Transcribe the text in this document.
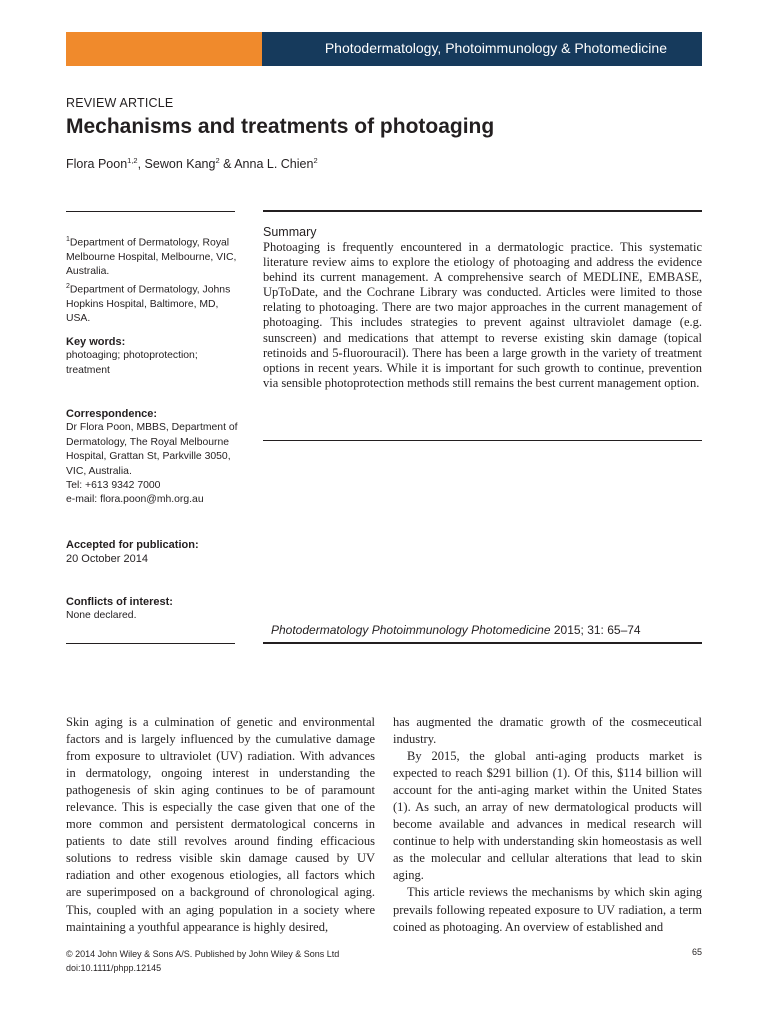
Photodermatology, Photoimmunology & Photomedicine
REVIEW ARTICLE
Mechanisms and treatments of photoaging
Flora Poon$^{1,2}$, Sewon Kang$^2$ & Anna L. Chien$^2$
$^1$Department of Dermatology, Royal Melbourne Hospital, Melbourne, VIC, Australia.
$^2$Department of Dermatology, Johns Hopkins Hospital, Baltimore, MD, USA.
Key words:
photoaging; photoprotection; treatment
Correspondence:
Dr Flora Poon, MBBS, Department of Dermatology, The Royal Melbourne Hospital, Grattan St, Parkville 3050, VIC, Australia.
Tel: +613 9342 7000
e-mail: flora.poon@mh.org.au
Accepted for publication:
20 October 2014
Conflicts of interest:
None declared.
Summary

Photoaging is frequently encountered in a dermatologic practice. This systematic literature review aims to explore the etiology of photoaging and address the evidence behind its current management. A comprehensive search of MEDLINE, EMBASE, UpToDate, and the Cochrane Library was conducted. Articles were limited to those relating to photoaging. There are two major approaches in the current management of photoaging. This includes strategies to prevent against ultraviolet damage (e.g. sunscreen) and medications that attempt to reverse existing skin damage (topical retinoids and 5-fluorouracil). There has been a large growth in the variety of treatment options in recent years. While it is important for such growth to continue, prevention via sensible photoprotection methods still remains the best current management option.

Photodermatology Photoimmunology Photomedicine 2015; 31: 65–74

Skin aging is a culmination of genetic and environmental factors and is largely influenced by the cumulative damage from exposure to ultraviolet (UV) radiation. With advances in dermatology, ongoing interest in understanding the pathogenesis of skin aging continues to be of paramount relevance. This is especially the case given that one of the more common and persistent dermatological concerns in patients to date still revolves around finding efficacious solutions to redress visible skin damage caused by UV radiation and other exogenous etiologies, all factors which are superimposed on a background of chronological aging. This, coupled with an aging population in a society where maintaining a youthful appearance is highly desired,

has augmented the dramatic growth of the cosmeceutical industry.

By 2015, the global anti-aging products market is expected to reach $291 billion (1). Of this, $114 billion will account for the anti-aging market within the United States (1). As such, an array of new dermatological products will become available and advances in medical research will continue to help with understanding skin homeostasis as well as the molecular and cellular alterations that lead to skin aging.

This article reviews the mechanisms by which skin aging prevails following repeated exposure to UV radiation, a term coined as photoaging. An overview of established and

© 2014 John Wiley & Sons A/S. Published by John Wiley & Sons Ltd
doi:10.1111/phpp.12145
65
